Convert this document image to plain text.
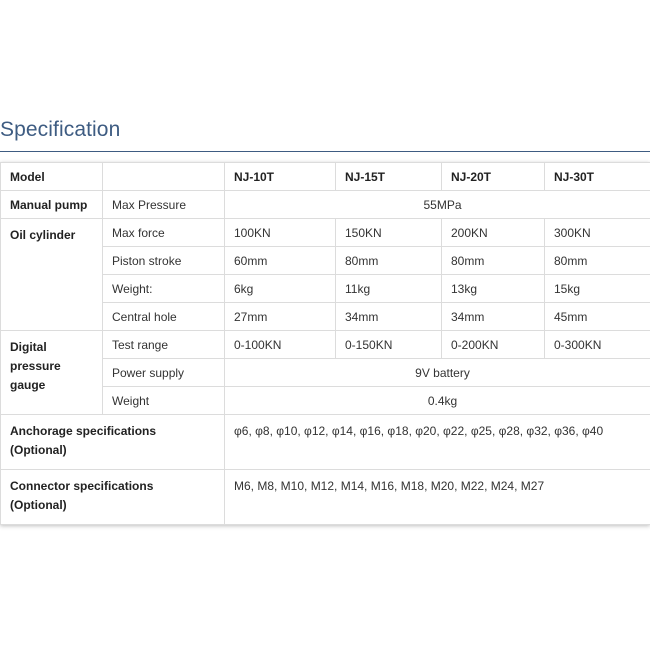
Specification
Model		NJ-10T	NJ-15T	NJ-20T	NJ-30T
Manual pump	Max Pressure	55MPa			
Oil cylinder	Max force	100KN	150KN	200KN	300KN
	Piston stroke	60mm	80mm	80mm	80mm
	Weight:	6kg	11kg	13kg	15kg
	Central hole	27mm	34mm	34mm	45mm

Digital
pressure
gauge	Test range	0-100KN	0-150KN	0-200KN	0-300KN
	Power supply	9V battery			
	Weight	0.4kg			

Anchorage specifications
(Optional)		φ6, φ8, φ10, φ12, φ14, φ16, φ18, φ20, φ22, φ25, φ28, φ32, φ36, φ40			

Connector specifications
(Optional)		M6, M8, M10, M12, M14, M16, M18, M20, M22, M24, M27			
